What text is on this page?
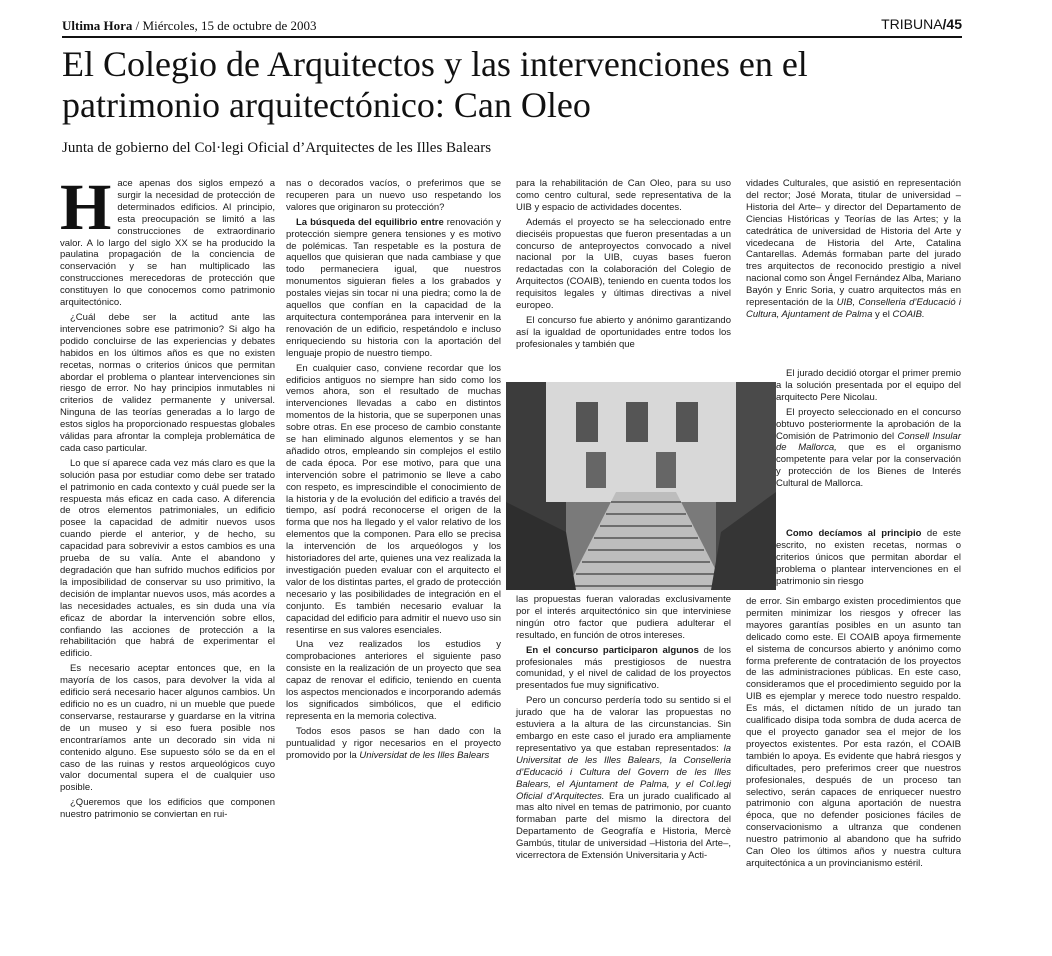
Ultima Hora / Miércoles, 15 de octubre de 2003	TRIBUNA/45
El Colegio de Arquitectos y las intervenciones en el patrimonio arquitectónico: Can Oleo
Junta de gobierno del Col·legi Oficial d’Arquitectes de les Illes Balears

Hace apenas dos siglos empezó a surgir la necesidad de protección de determinados edificios. Al principio, esta preocupación se limitó a las construcciones de extraordinario valor. A lo largo del siglo XX se ha producido la paulatina propagación de la conciencia de conservación y se han multiplicado las construcciones merecedoras de protección que constituyen lo que conocemos como patrimonio arquitectónico.

¿Cuál debe ser la actitud ante las intervenciones sobre ese patrimonio? Si algo ha podido concluirse de las experiencias y debates habidos en los últimos años es que no existen recetas, normas o criterios únicos que permitan abordar el problema o plantear intervenciones sin riesgo de error. No hay principios inmutables ni criterios de validez permanente y universal. Ninguna de las teorías generadas a lo largo de estos siglos ha proporcionado respuestas globales válidas para afrontar la compleja problemática de cada caso particular.

Lo que sí aparece cada vez más claro es que la solución pasa por estudiar como debe ser tratado el patrimonio en cada contexto y cuál puede ser la respuesta más eficaz en cada caso. A diferencia de otros elementos patrimoniales, un edificio posee la capacidad de admitir nuevos usos cuando pierde el anterior, y de hecho, su capacidad para sobrevivir a estos cambios es una prueba de su valía. Ante el abandono y degradación que han sufrido muchos edificios por la imposibilidad de conservar su uso primitivo, la decisión de implantar nuevos usos, más acordes a las necesidades actuales, es sin duda una vía eficaz de abordar la intervención sobre ellos, confiando las acciones de protección a la rehabilitación que habrá de experimentar el edificio.

Es necesario aceptar entonces que, en la mayoría de los casos, para devolver la vida al edificio será necesario hacer algunos cambios. Un edificio no es un cuadro, ni un mueble que puede conservarse, restaurarse y guardarse en la vitrina de un museo y si eso fuera posible nos encontraríamos ante un decorado sin vida ni contenido alguno. Ese supuesto sólo se da en el caso de las ruinas y restos arqueológicos cuyo valor documental supera el de cualquier uso posible.

¿Queremos que los edificios que componen nuestro patrimonio se conviertan en rui-

nas o decorados vacíos, o preferimos que se recuperen para un nuevo uso respetando los valores que originaron su protección?

La búsqueda del equilibrio entre renovación y protección siempre genera tensiones y es motivo de polémicas. Tan respetable es la postura de aquellos que quisieran que nada cambiase y que todo permaneciera igual, que nuestros monumentos siguieran fieles a los grabados y postales viejas sin tocar ni una piedra; como la de aquellos que confían en la capacidad de la arquitectura contemporánea para intervenir en la renovación de un edificio, respetándolo e incluso enriqueciendo su historia con la aportación del lenguaje propio de nuestro tiempo.

En cualquier caso, conviene recordar que los edificios antiguos no siempre han sido como los vemos ahora, son el resultado de muchas intervenciones llevadas a cabo en distintos momentos de la historia, que se superponen unas sobre otras. En ese proceso de cambio constante se han eliminado algunos elementos y se han añadido otros, empleando sin complejos el estilo de cada época. Por ese motivo, para que una intervención sobre el patrimonio se lleve a cabo con respeto, es imprescindible el conocimiento de la historia y de la evolución del edificio a través del tiempo, así podrá reconocerse el origen de la forma que nos ha llegado y el valor relativo de los elementos que la componen. Para ello se precisa la intervención de los arqueólogos y los historiadores del arte, quienes una vez realizada la investigación pueden evaluar con el arquitecto el valor de los distintas partes, el grado de protección necesario y las posibilidades de integración en el conjunto. Es también necesario evaluar la capacidad del edificio para admitir el nuevo uso sin resentirse en sus valores esenciales.

Una vez realizados los estudios y comprobaciones anteriores el siguiente paso consiste en la realización de un proyecto que sea capaz de renovar el edificio, teniendo en cuenta los aspectos mencionados e incorporando además los significados simbólicos, que el edificio representa en la memoria colectiva.

Todos esos pasos se han dado con la puntualidad y rigor necesarios en el proyecto promovido por la Universidat de les Illes Balears

para la rehabilitación de Can Oleo, para su uso como centro cultural, sede representativa de la UIB y espacio de actividades docentes.

Además el proyecto se ha seleccionado entre dieciséis propuestas que fueron presentadas a un concurso de anteproyectos convocado a nivel nacional por la UIB, cuyas bases fueron redactadas con la colaboración del Colegio de Arquitectos (COAIB), teniendo en cuenta todos los requisitos legales y últimas directivas a nivel europeo.

El concurso fue abierto y anónimo garantizando así la igualdad de oportunidades entre todos los profesionales y también que

las propuestas fueran valoradas exclusivamente por el interés arquitectónico sin que interviniese ningún otro factor que pudiera adulterar el resultado, en función de otros intereses.

En el concurso participaron algunos de los profesionales más prestigiosos de nuestra comunidad, y el nivel de calidad de los proyectos presentados fue muy significativo.

Pero un concurso perdería todo su sentido si el jurado que ha de valorar las propuestas no estuviera a la altura de las circunstancias. Sin embargo en este caso el jurado era ampliamente representativo ya que estaban representados: la Universitat de les Illes Balears, la Conselleria d’Educació i Cultura del Govern de les Illes Balears, el Ajuntament de Palma, y el Col.legi Oficial d’Arquitectes. Era un jurado cualificado al mas alto nivel en temas de patrimonio, por cuanto formaban parte del mismo la directora del Departamento de Geografía e Historia, Mercè Gambús, titular de universidad –Historia del Arte–, vicerrectora de Extensión Universitaria y Acti-

vidades Culturales, que asistió en representación del rector; José Morata, titular de universidad –Historia del Arte– y director del Departamento de Ciencias Históricas y Teorías de las Artes; y la catedrática de universidad de Historia del Arte y vicedecana de Historia del Arte, Catalina Cantarellas. Además formaban parte del jurado tres arquitectos de reconocido prestigio a nivel nacional como son Ángel Fernández Alba, Mariano Bayón y Enric Soria, y cuatro arquitectos más en representación de la UIB, Conselleria d’Educació i Cultura, Ajuntament de Palma y el COAIB.

El jurado decidió otorgar el primer premio a la solución presentada por el equipo del arquitecto Pere Nicolau.

El proyecto seleccionado en el concurso obtuvo posteriormente la aprobación de la Comisión de Patrimonio del Consell Insular de Mallorca, que es el organismo competente para velar por la conservación y protección de los Bienes de Interés Cultural de Mallorca.

Como decíamos al principio de este escrito, no existen recetas, normas o criterios únicos que permitan abordar el problema o plantear intervenciones en el patrimonio sin riesgo

de error. Sin embargo existen procedimientos que permiten minimizar los riesgos y ofrecer las mayores garantías posibles en un asunto tan delicado como este. El COAIB apoya firmemente el sistema de concursos abierto y anónimo como forma preferente de contratación de los proyectos de las administraciones públicas. En este caso, consideramos que el procedimiento seguido por la UIB es ejemplar y merece todo nuestro respaldo. Es más, el dictamen nítido de un jurado tan cualificado disipa toda sombra de duda acerca de que el proyecto ganador sea el mejor de los proyectos existentes. Por esta razón, el COAIB también lo apoya. Es evidente que habrá riesgos y dificultades, pero preferimos creer que nuestros profesionales, después de un proceso tan selectivo, serán capaces de enriquecer nuestro patrimonio con alguna aportación de nuestra época, que no defender posiciones fáciles de conservacionismo a ultranza que condenen nuestro patrimonio al abandono que ha sufrido Can Oleo los últimos años y nuestra cultura arquitectónica a un provincianismo estéril.
